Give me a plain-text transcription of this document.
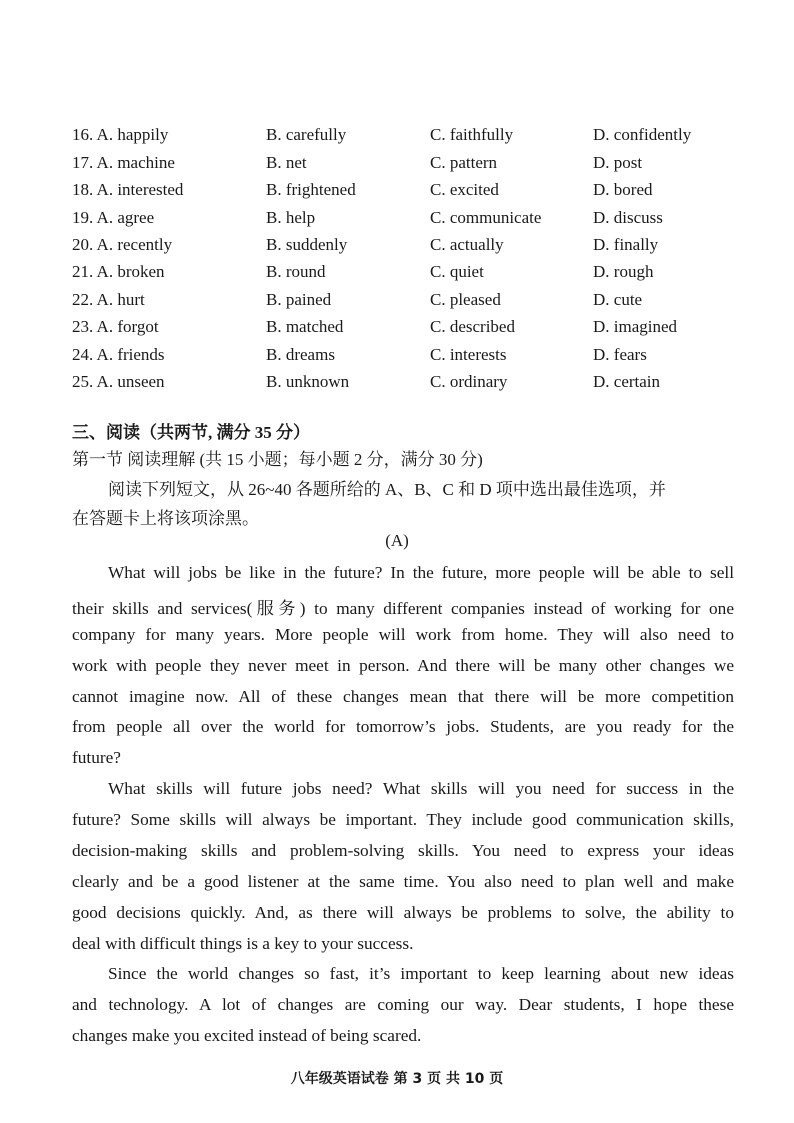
16. A. happily	B. carefully	C. faithfully	D. confidently
17. A. machine	B. net	C. pattern	D. post
18. A. interested	B. frightened	C. excited	D. bored
19. A. agree	B. help	C. communicate	D. discuss
20. A. recently	B. suddenly	C. actually	D. finally
21. A. broken	B. round	C. quiet	D. rough
22. A. hurt	B. pained	C. pleased	D. cute
23. A. forgot	B. matched	C. described	D. imagined
24. A. friends	B. dreams	C. interests	D. fears
25. A. unseen	B. unknown	C. ordinary	D. certain
三、阅读（共两节, 满分 35 分）
第一节 阅读理解 (共 15 小题；每小题 2 分，满分 30 分)
阅读下列短文，从 26~40 各题所给的 A、B、C 和 D 项中选出最佳选项，并
在答题卡上将该项涂黑。
(A)
What will jobs be like in the future? In the future, more people will be able to sell
their skills and services(服务) to many different companies instead of working for one
company for many years. More people will work from home. They will also need to
work with people they never meet in person. And there will be many other changes we
cannot imagine now. All of these changes mean that there will be more competition
from people all over the world for tomorrow’s jobs. Students, are you ready for the
future?
What skills will future jobs need? What skills will you need for success in the
future? Some skills will always be important. They include good communication skills,
decision-making skills and problem-solving skills. You need to express your ideas
clearly and be a good listener at the same time. You also need to plan well and make
good decisions quickly. And, as there will always be problems to solve, the ability to
deal with difficult things is a key to your success.
Since the world changes so fast, it’s important to keep learning about new ideas
and technology. A lot of changes are coming our way. Dear students, I hope these
changes make you excited instead of being scared.
八年级英语试卷 第 3 页 共 10 页
